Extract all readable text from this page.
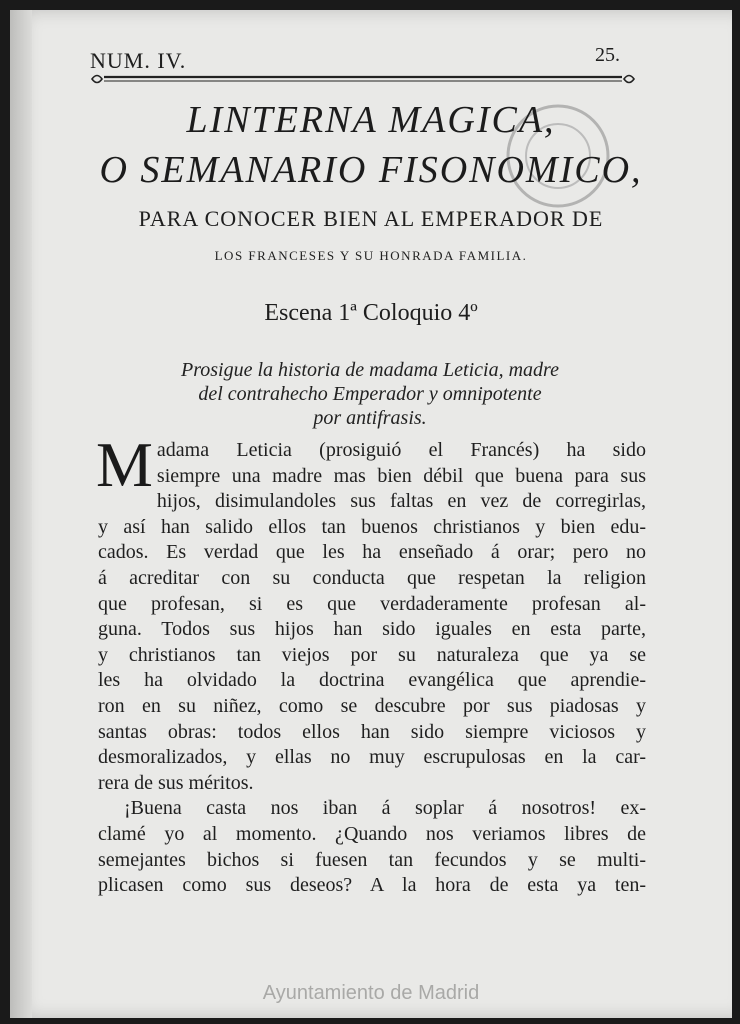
NUM. IV.	25.
LINTERNA MAGICA,
O SEMANARIO FISONOMICO,
PARA CONOCER BIEN AL EMPERADOR DE
LOS FRANCESES Y SU HONRADA FAMILIA.
Escena 1ª Coloquio 4º
Prosigue la historia de madama Leticia, madre
del contrahecho Emperador y omnipotente
por antifrasis.
M adama Leticia (prosiguió el Francés) ha sido
siempre una madre mas bien débil que buena para sus
hijos, disimulandoles sus faltas en vez de corregirlas,
y así han salido ellos tan buenos christianos y bien edu-
cados. Es verdad que les ha enseñado á orar; pero no
á acreditar con su conducta que respetan la religion
que profesan, si es que verdaderamente profesan al-
guna. Todos sus hijos han sido iguales en esta parte,
y christianos tan viejos por su naturaleza que ya se
les ha olvidado la doctrina evangélica que aprendie-
ron en su niñez, como se descubre por sus piadosas y
santas obras: todos ellos han sido siempre viciosos y
desmoralizados, y ellas no muy escrupulosas en la car-
rera de sus méritos.
¡Buena casta nos iban á soplar á nosotros! ex-
clamé yo al momento. ¿Quando nos veriamos libres de
semejantes bichos si fuesen tan fecundos y se multi-
plicasen como sus deseos? A la hora de esta ya ten-
Ayuntamiento de Madrid
